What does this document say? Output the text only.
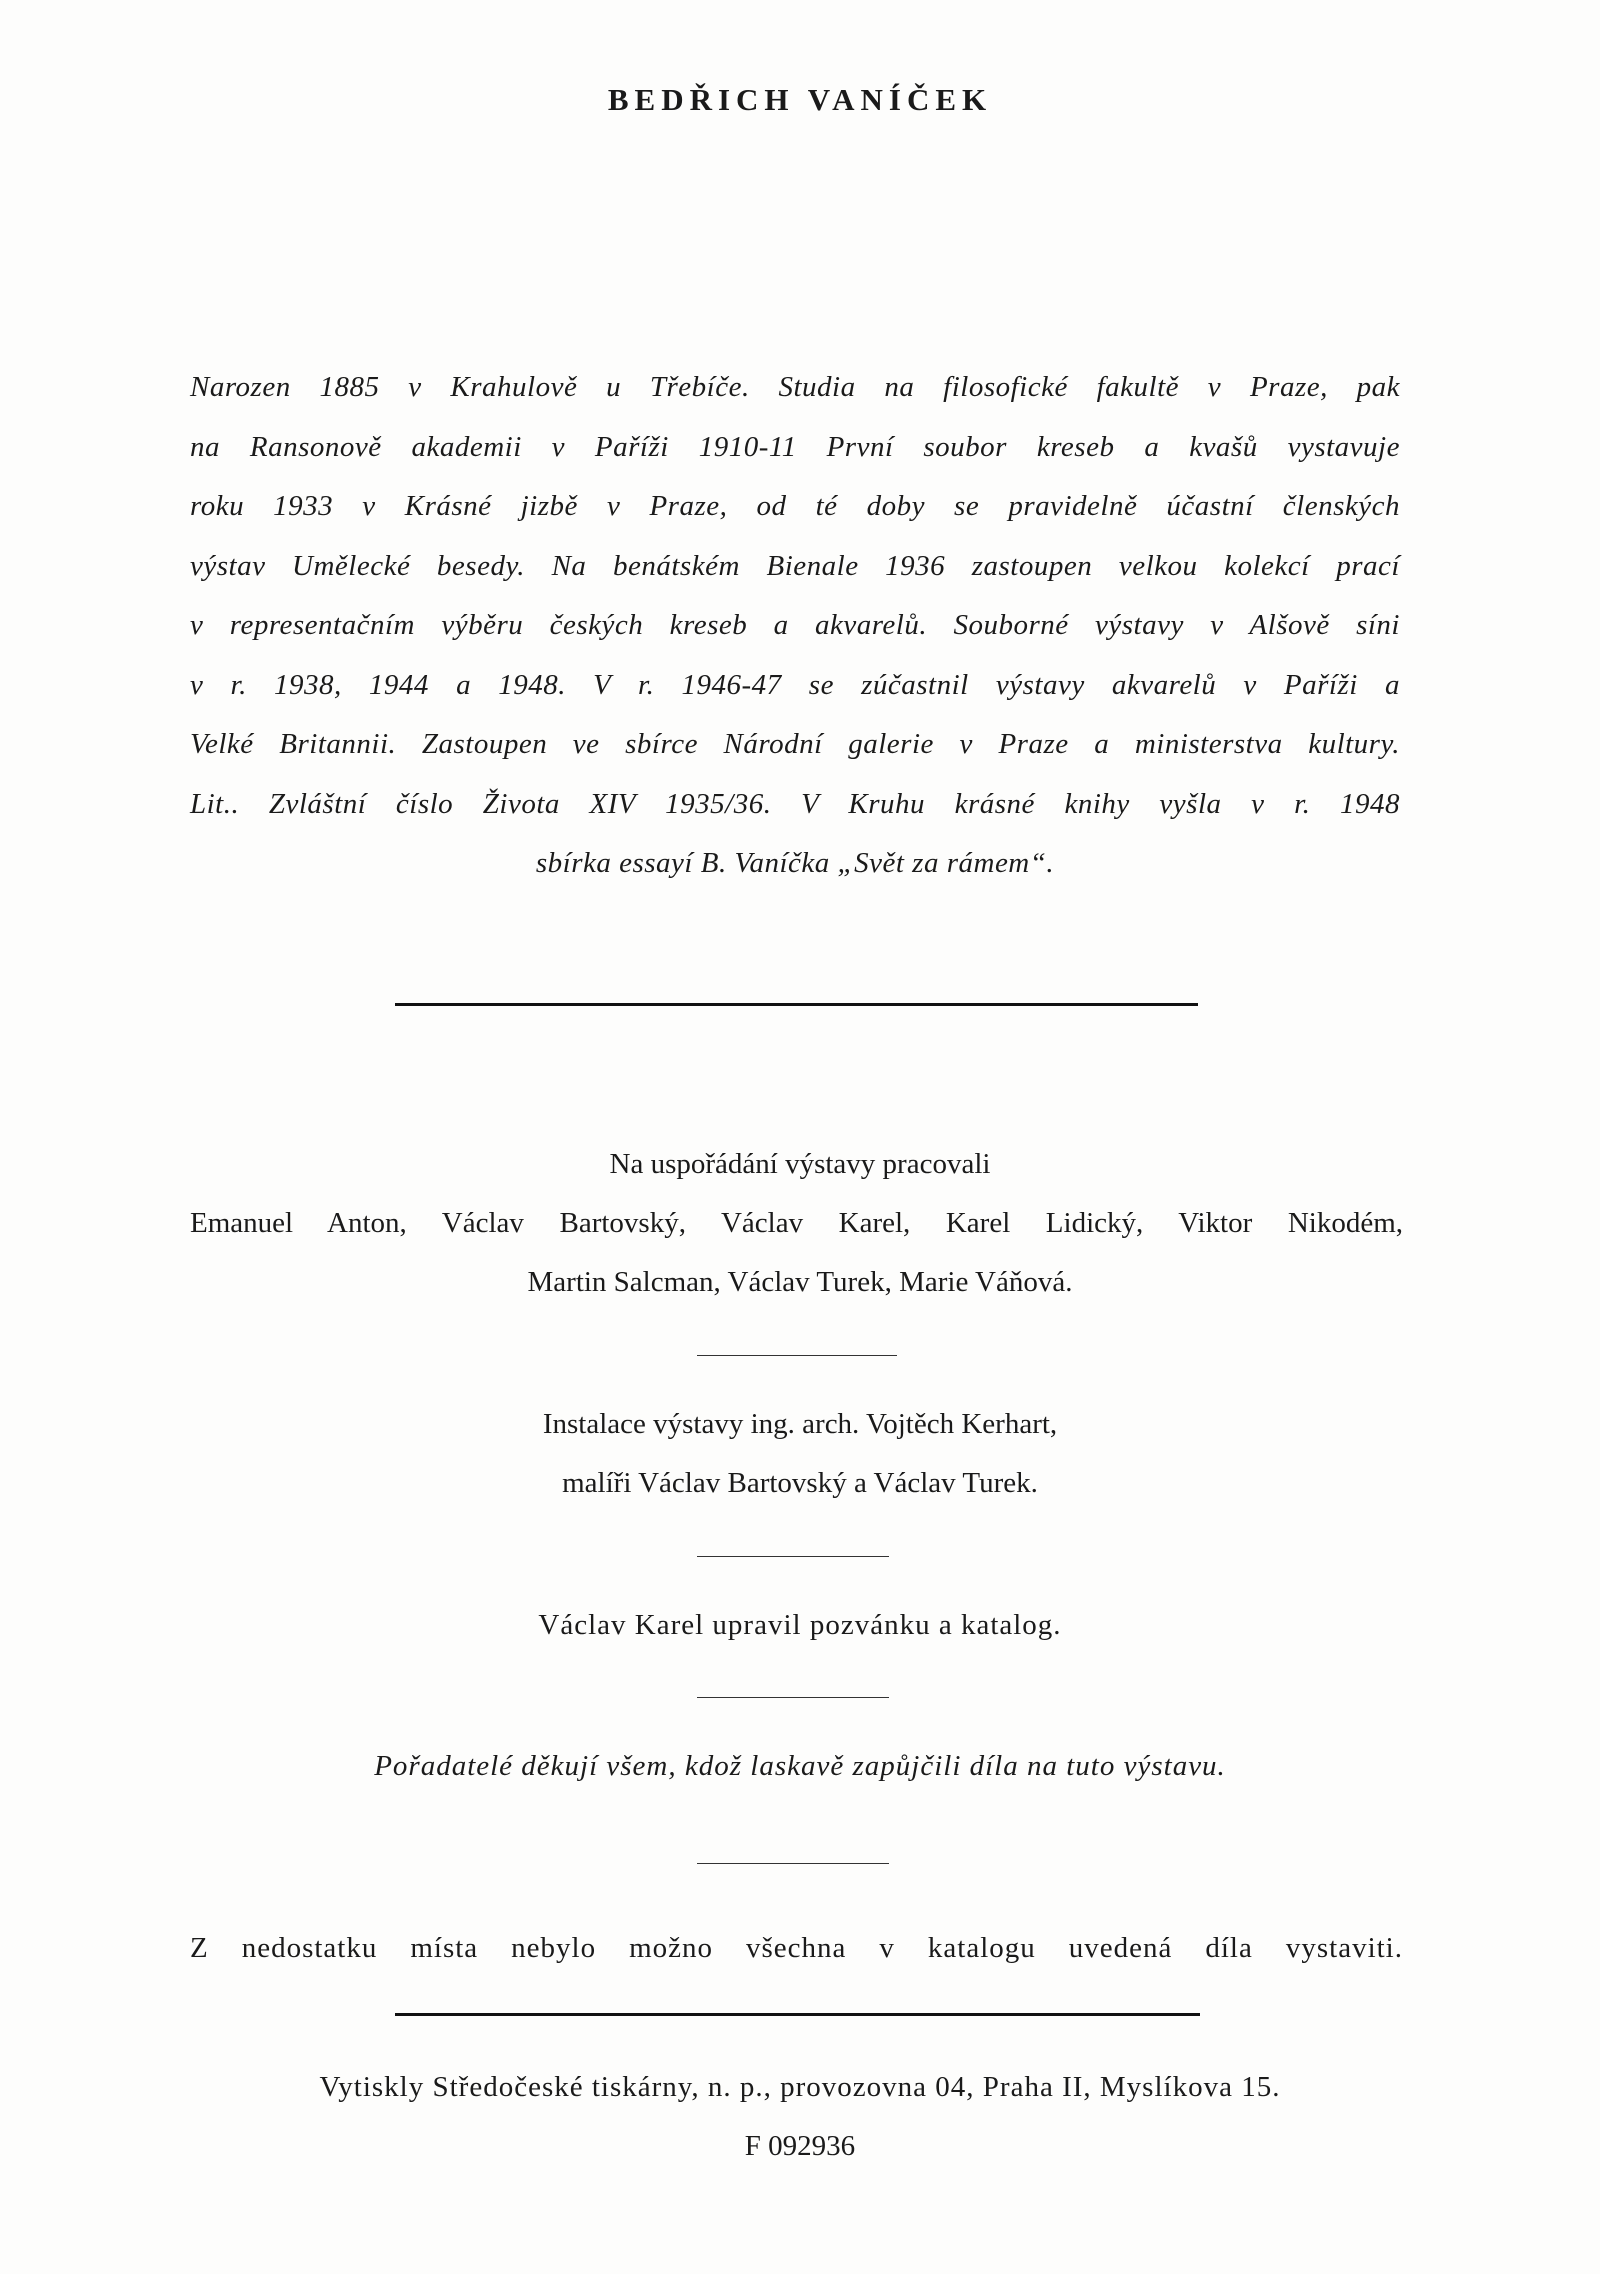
BEDŘICH VANÍČEK
Narozen 1885 v Krahulově u Třebíče. Studia na filosofické fakultě v Praze, pak
na Ransonově akademii v Paříži 1910-11 První soubor kreseb a kvašů vystavuje
roku 1933 v Krásné jizbě v Praze, od té doby se pravidelně účastní členských
výstav Umělecké besedy. Na benátském Bienale 1936 zastoupen velkou kolekcí prací
v representačním výběru českých kreseb a akvarelů. Souborné výstavy v Alšově síni
v r. 1938, 1944 a 1948. V r. 1946-47 se zúčastnil výstavy akvarelů v Paříži a
Velké Britannii. Zastoupen ve sbírce Národní galerie v Praze a ministerstva kultury.
Lit.. Zvláštní číslo Života XIV 1935/36. V Kruhu krásné knihy vyšla v r. 1948
sbírka essayí B. Vaníčka „Svět za rámem“.
Na uspořádání výstavy pracovali
Emanuel Anton, Václav Bartovský, Václav Karel, Karel Lidický, Viktor Nikodém,
Martin Salcman, Václav Turek, Marie Váňová.
Instalace výstavy ing. arch. Vojtěch Kerhart,
malíři Václav Bartovský a Václav Turek.
Václav Karel upravil pozvánku a katalog.
Pořadatelé děkují všem, kdož laskavě zapůjčili díla na tuto výstavu.
Z nedostatku místa nebylo možno všechna v katalogu uvedená díla vystaviti.
Vytiskly Středočeské tiskárny, n. p., provozovna 04, Praha II, Myslíkova 15.
F 092936
